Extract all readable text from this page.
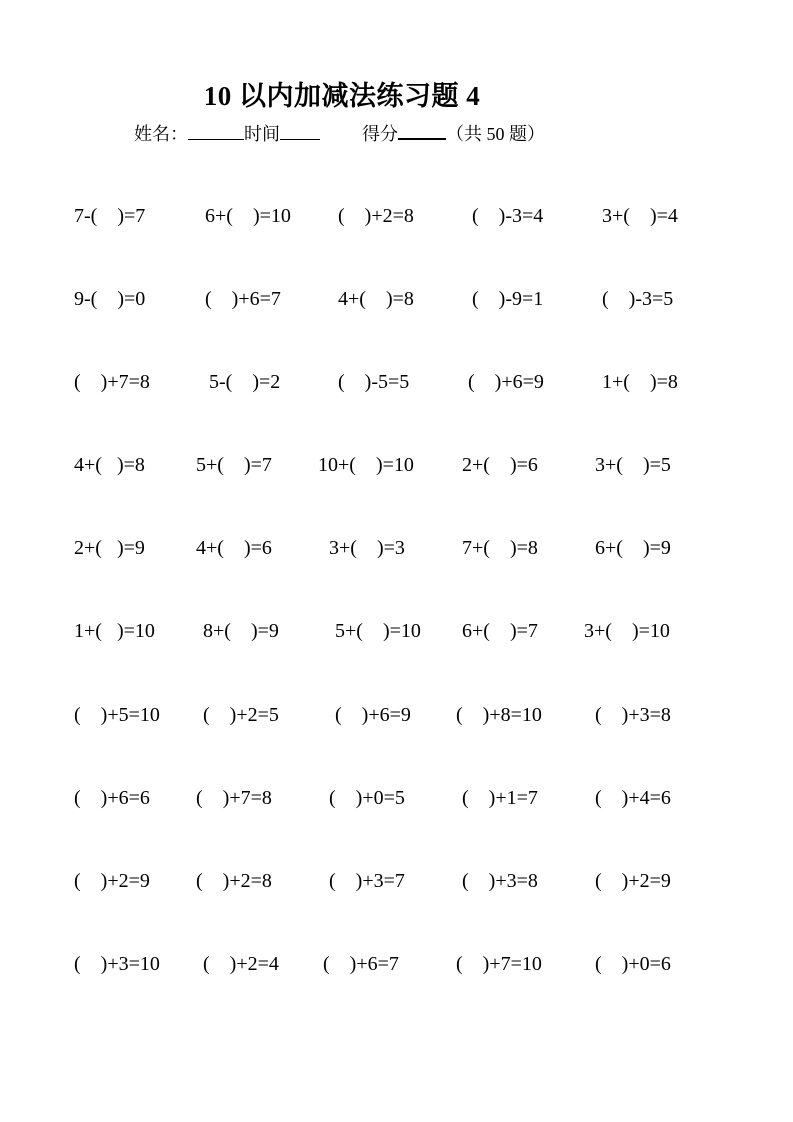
10 以内加减法练习题 4
姓名：	时间	得分	（共 50 题）
7-(    )=7	6+(    )=10 (    )+2=8	(    )-3=4	3+(    )=4
9-(    )=0	(    )+6=7	4+(    )=8	(    )-9=1	(    )-3=5
(    )+7=8	5-(    )=2	(    )-5=5	(    )+6=9	1+(    )=8
4+(   )=8	5+(    )=7 10+(    )=10 2+(    )=6	3+(    )=5
2+(   )=9	4+(    )=6	3+(    )=3	7+(    )=8	6+(    )=9
1+(   )=10 8+(    )=9	5+(    )=10 6+(    )=7 3+(    )=10
(    )+5=10 (    )+2=5	(    )+6=9 (    )+8=10	(    )+3=8
(    )+6=6 (    )+7=8	(    )+0=5	(    )+1=7	(    )+4=6
(    )+2=9 (    )+2=8	(    )+3=7	(    )+3=8	(    )+2=9
(    )+3=10 (    )+2=4 (    )+6=7	(    )+7=10	(    )+0=6
